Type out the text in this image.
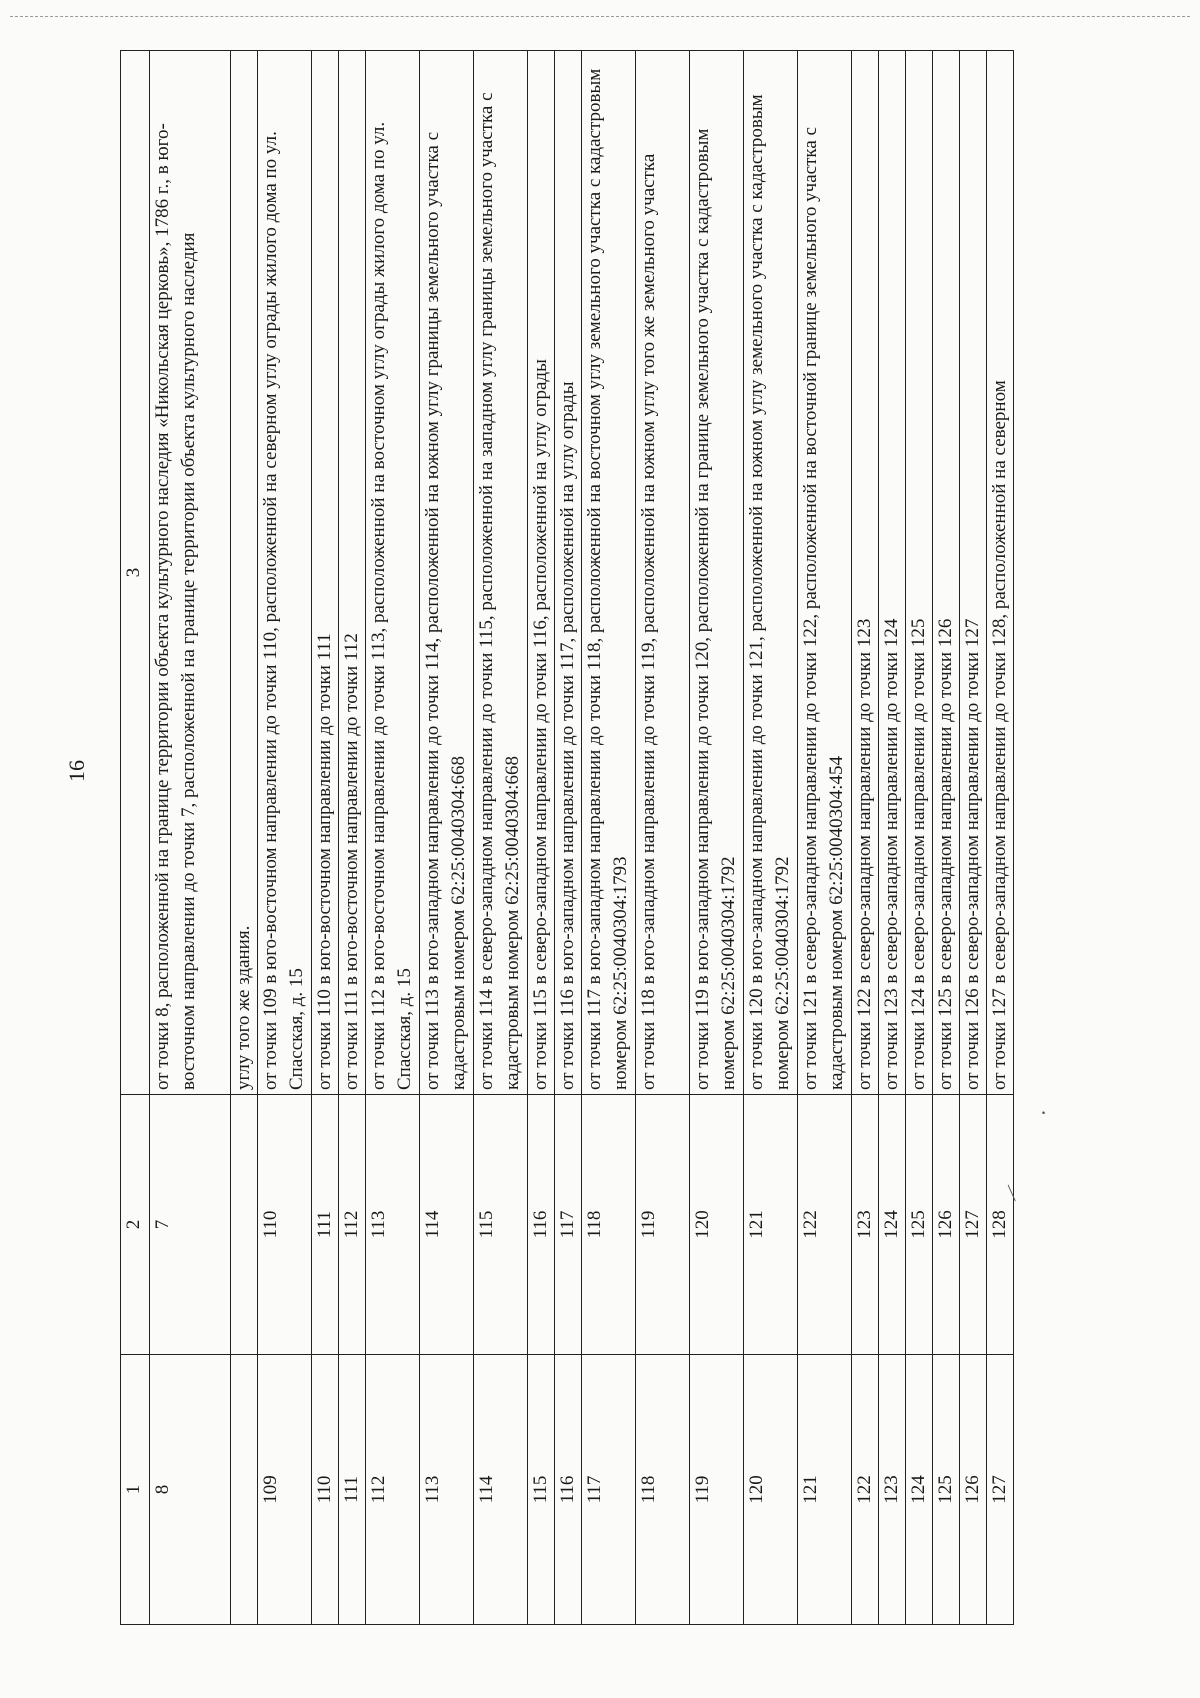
16
1	2	3
8	7	от точки 8, расположенной на границе территории объекта культурного наследия «Никольская церковь», 1786 г., в юго-восточном направлении до точки 7, расположенной на границе территории объекта культурного наследия
		углу того же здания.
109	110	от точки 109 в юго-восточном направлении до точки 110, расположенной на северном углу ограды жилого дома по ул. Спасская, д. 15
110	111	от точки 110 в юго-восточном направлении до точки 111
111	112	от точки 111 в юго-восточном направлении до точки 112
112	113	от точки 112 в юго-восточном направлении до точки 113, расположенной на восточном углу ограды жилого дома по ул. Спасская, д. 15
113	114	от точки 113 в юго-западном направлении до точки 114, расположенной на южном углу границы земельного участка с кадастровым номером 62:25:0040304:668
114	115	от точки 114 в северо-западном направлении до точки 115, расположенной на западном углу границы земельного участка с кадастровым номером 62:25:0040304:668
115	116	от точки 115 в северо-западном направлении до точки 116, расположенной на углу ограды
116	117	от точки 116 в юго-западном направлении до точки 117, расположенной на углу ограды
117	118	от точки 117 в юго-западном направлении до точки 118, расположенной на восточном углу земельного участка с кадастровым номером 62:25:0040304:1793
118	119	от точки 118 в юго-западном направлении до точки 119, расположенной на южном углу того же земельного участка
119	120	от точки 119 в юго-западном направлении до точки 120, расположенной на границе земельного участка с кадастровым номером 62:25:0040304:1792
120	121	от точки 120 в юго-западном направлении до точки 121, расположенной на южном углу земельного участка с кадастровым номером 62:25:0040304:1792
121	122	от точки 121 в северо-западном направлении до точки 122, расположенной на восточной границе земельного участка с кадастровым номером 62:25:0040304:454
122	123	от точки 122 в северо-западном направлении до точки 123
123	124	от точки 123 в северо-западном направлении до точки 124
124	125	от точки 124 в северо-западном направлении до точки 125
125	126	от точки 125 в северо-западном направлении до точки 126
126	127	от точки 126 в северо-западном направлении до точки 127
127	128	от точки 127 в северо-западном направлении до точки 128, расположенной на северном
⁄
·
